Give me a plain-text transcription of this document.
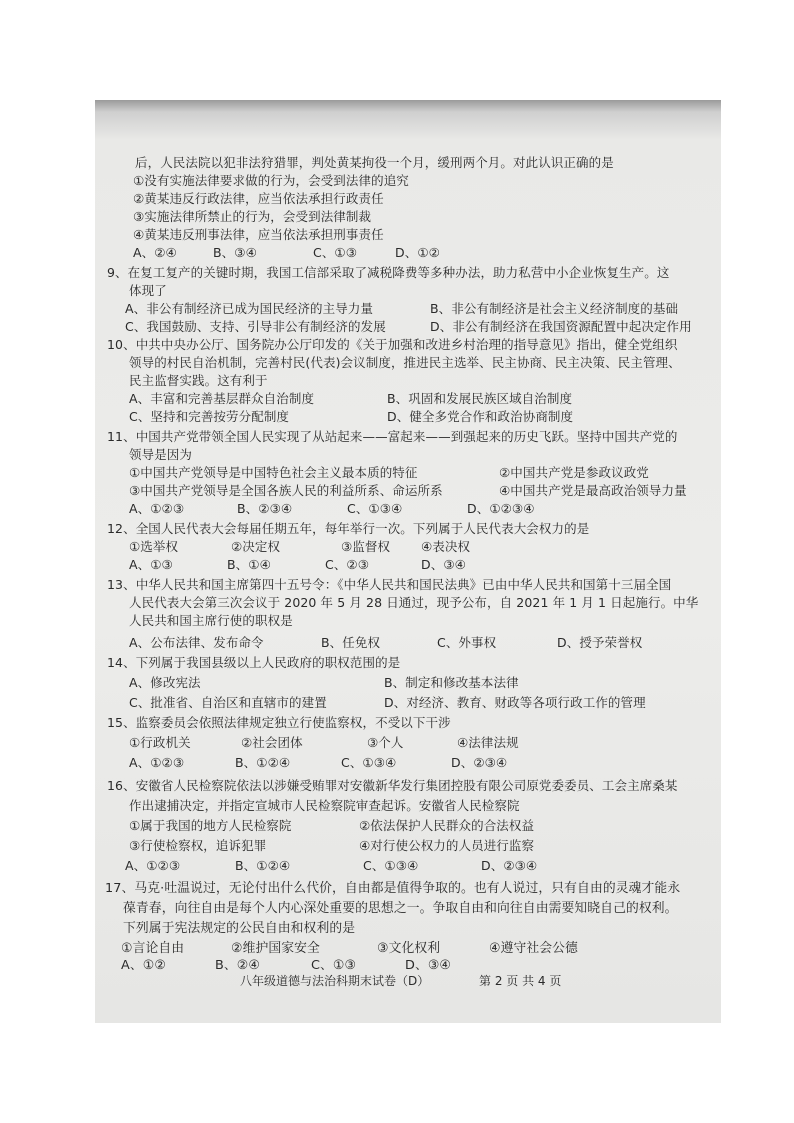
后，人民法院以犯非法狩猎罪，判处黄某拘役一个月，缓刑两个月。对此认识正确的是
①没有实施法律要求做的行为，会受到法律的追究
②黄某违反行政法律，应当依法承担行政责任
③实施法律所禁止的行为，会受到法律制裁
④黄某违反刑事法律，应当依法承担刑事责任
A、②④	B、③④	C、①③	D、①②
9、在复工复产的关键时期，我国工信部采取了减税降费等多种办法，助力私营中小企业恢复生产。这
体现了
A、非公有制经济已成为国民经济的主导力量	B、非公有制经济是社会主义经济制度的基础
C、我国鼓励、支持、引导非公有制经济的发展	D、非公有制经济在我国资源配置中起决定作用
10、中共中央办公厅、国务院办公厅印发的《关于加强和改进乡村治理的指导意见》指出，健全党组织
领导的村民自治机制，完善村民(代表)会议制度，推进民主选举、民主协商、民主决策、民主管理、
民主监督实践。这有利于
A、丰富和完善基层群众自治制度	B、巩固和发展民族区域自治制度
C、坚持和完善按劳分配制度	D、健全多党合作和政治协商制度
11、中国共产党带领全国人民实现了从站起来——富起来——到强起来的历史飞跃。坚持中国共产党的
领导是因为
①中国共产党领导是中国特色社会主义最本质的特征	②中国共产党是参政议政党
③中国共产党领导是全国各族人民的利益所系、命运所系	④中国共产党是最高政治领导力量
A、①②③	B、②③④	C、①③④	D、①②③④
12、全国人民代表大会每届任期五年，每年举行一次。下列属于人民代表大会权力的是
①选举权	②决定权	③监督权 ④表决权
A、①③	B、①④	C、②③	D、③④
13、中华人民共和国主席第四十五号令：《中华人民共和国民法典》已由中华人民共和国第十三届全国
人民代表大会第三次会议于 2020 年 5 月 28 日通过，现予公布，自 2021 年 1 月 1 日起施行。中华
人民共和国主席行使的职权是
A、公布法律、发布命令	B、任免权	C、外事权	D、授予荣誉权
14、下列属于我国县级以上人民政府的职权范围的是
A、修改宪法	B、制定和修改基本法律
C、批准省、自治区和直辖市的建置	D、对经济、教育、财政等各项行政工作的管理
15、监察委员会依照法律规定独立行使监察权，不受以下干涉
①行政机关	②社会团体	③个人	④法律法规
A、①②③	B、①②④	C、①③④	D、②③④
16、安徽省人民检察院依法以涉嫌受贿罪对安徽新华发行集团控股有限公司原党委委员、工会主席桑某
作出逮捕决定，并指定宣城市人民检察院审查起诉。安徽省人民检察院
①属于我国的地方人民检察院	②依法保护人民群众的合法权益
③行使检察权，追诉犯罪	④对行使公权力的人员进行监察
A、①②③	B、①②④	C、①③④	D、②③④
17、马克·吐温说过，无论付出什么代价，自由都是值得争取的。也有人说过，只有自由的灵魂才能永
葆青春，向往自由是每个人内心深处重要的思想之一。争取自由和向往自由需要知晓自己的权利。
下列属于宪法规定的公民自由和权利的是
①言论自由	②维护国家安全	③文化权利	④遵守社会公德
A、①②	B、②④	C、①③	D、③④
八年级道德与法治科期末试卷（D）	第 2 页 共 4 页
